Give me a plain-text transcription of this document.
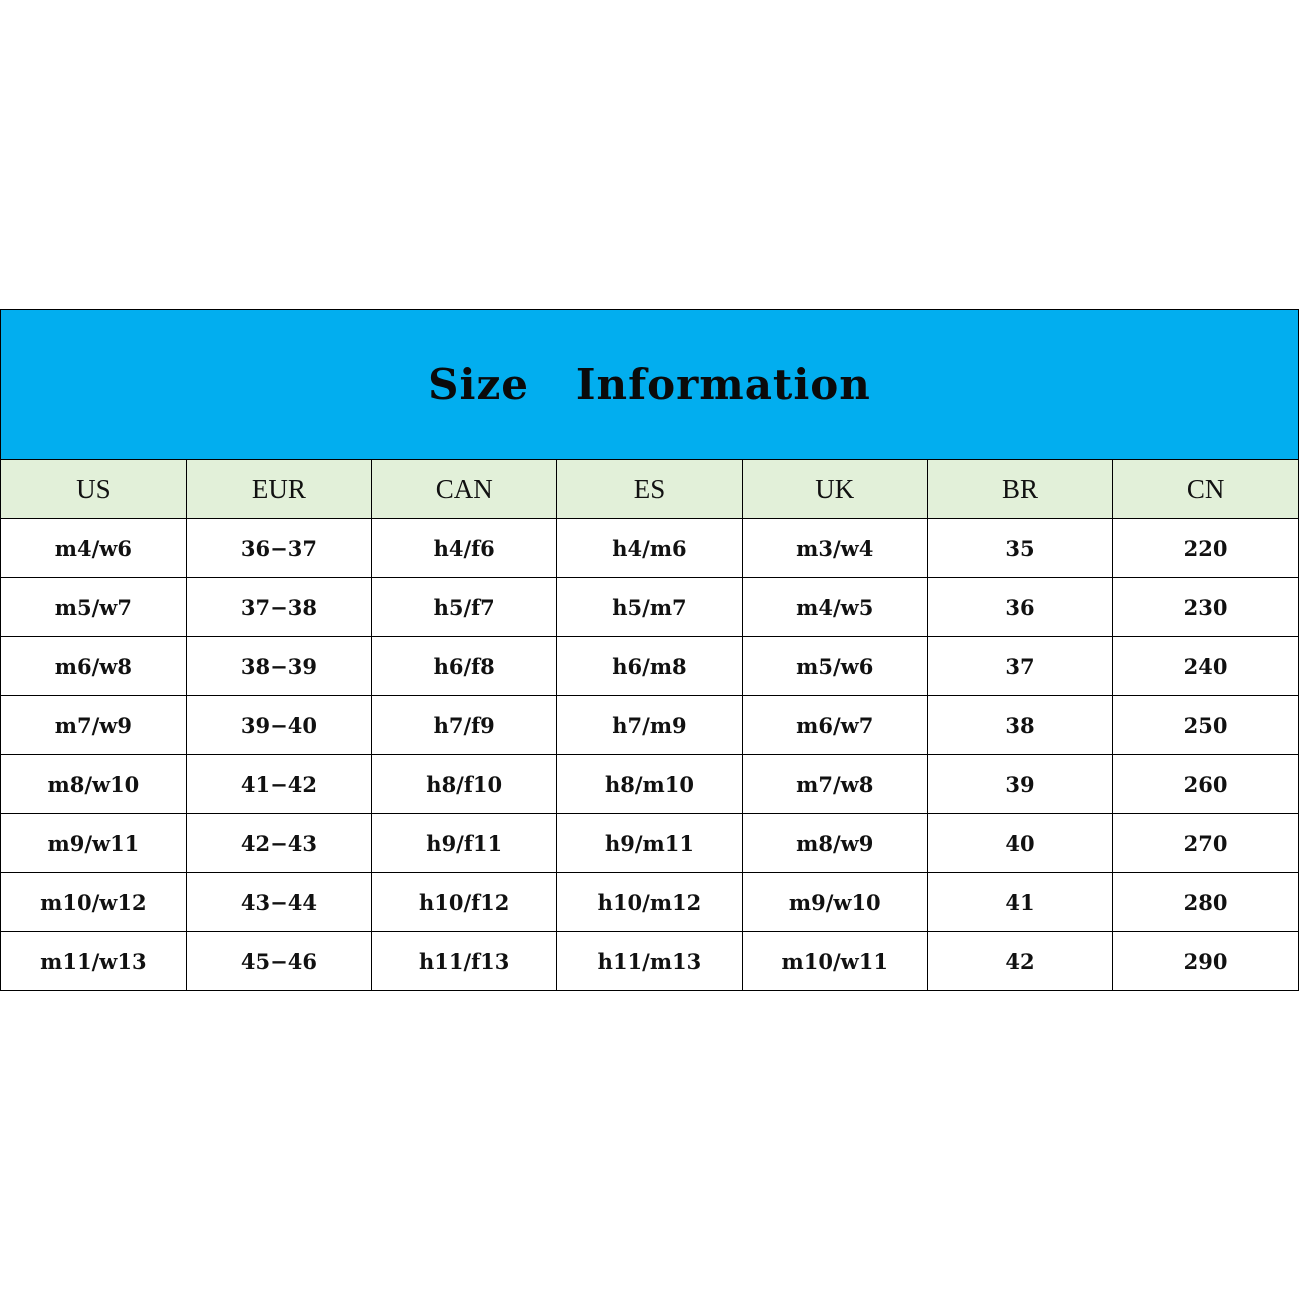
Size   Information
US	EUR	CAN	ES	UK	BR	CN
m4/w6	36−37	h4/f6	h4/m6	m3/w4	35	220
m5/w7	37−38	h5/f7	h5/m7	m4/w5	36	230
m6/w8	38−39	h6/f8	h6/m8	m5/w6	37	240
m7/w9	39−40	h7/f9	h7/m9	m6/w7	38	250
m8/w10	41−42	h8/f10	h8/m10	m7/w8	39	260
m9/w11	42−43	h9/f11	h9/m11	m8/w9	40	270
m10/w12	43−44	h10/f12	h10/m12	m9/w10	41	280
m11/w13	45−46	h11/f13	h11/m13	m10/w11	42	290
